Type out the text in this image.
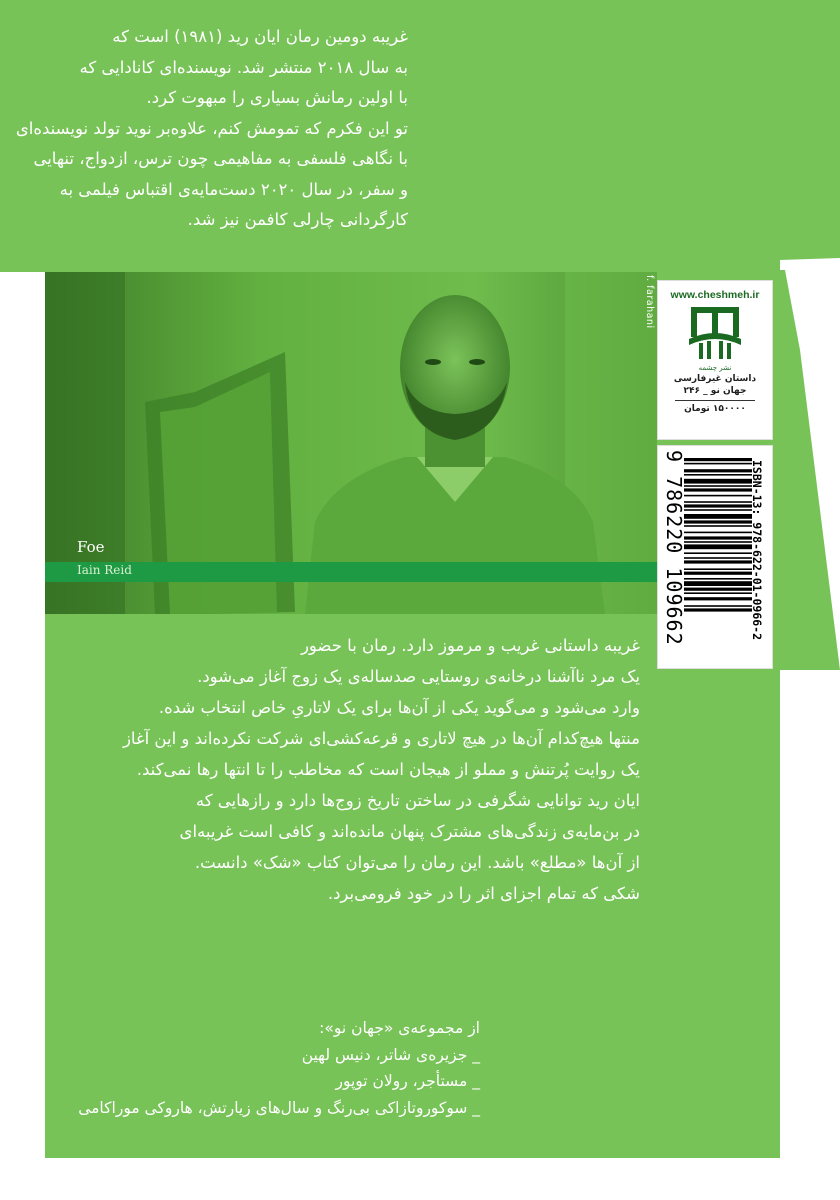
غریبه دومین رمان ایان رید (۱۹۸۱) است که

به سال ۲۰۱۸ منتشر شد. نویسنده‌ای کانادایی که

با اولین رمانش بسیاری را مبهوت کرد.

تو این فکرم که تمومش کنم، علاوه‌بر نوید تولد نویسنده‌ای

با نگاهی فلسفی به مفاهیمی چون ترس، ازدواج، تنهایی

و سفر، در سال ۲۰۲۰ دست‌مایه‌ی اقتباس فیلمی به

کارگردانی چارلی کافمن نیز شد.

f. farahani
Foe
Iain Reid
www.cheshmeh.ir
نشر چشمه
داستان غیرفارسی
جهان نو _ ۲۴۶
۱۵۰۰۰۰ تومان
ISBN-13: 978-622-01-0966-2
9 786220 109662

غریبه داستانی غریب و مرموز دارد. رمان با حضور

یک مرد ناآشنا درخانه‌ی روستایی صدساله‌ی یک زوج آغاز می‌شود.

وارد می‌شود و می‌گوید یکی از آن‌ها برای یک لاتاریِ خاص انتخاب شده.

منتها هیچ‌کدام آن‌ها در هیچ لاتاری و قرعه‌کشی‌ای شرکت نکرده‌اند و این آغاز

یک روایت پُرتنش و مملو از هیجان است که مخاطب را تا انتها رها نمی‌کند.

ایان رید توانایی شگرفی در ساختن تاریخ زوج‌ها دارد و رازهایی که

در بن‌مایه‌ی زندگی‌های مشترک پنهان مانده‌اند و کافی است غریبه‌ای

از آن‌ها «مطلع» باشد. این رمان را می‌توان کتاب «شک» دانست.

شکی که تمام اجزای اثر را در خود فرومی‌برد.

از مجموعه‌ی «جهان نو»:

_ جزیره‌ی شاتر، دنیس لهین

_ مستأجر، رولان توپور

_ سوکوروتازاکی بی‌رنگ و سال‌های زیارتش، هاروکی موراکامی
